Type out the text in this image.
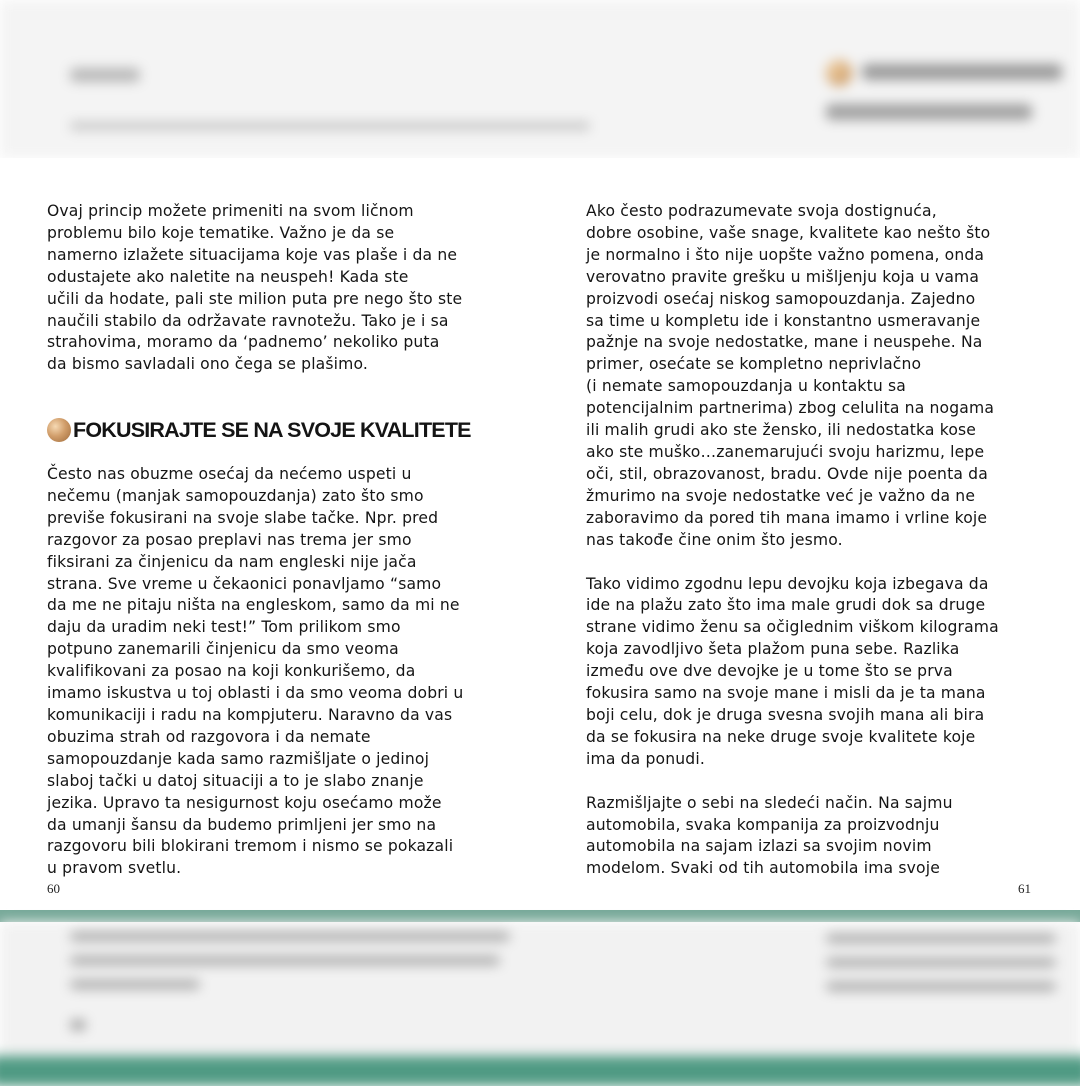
Ovaj princip možete primeniti na svom ličnom

problemu bilo koje tematike. Važno je da se

namerno izlažete situacijama koje vas plaše i da ne

odustajete ako naletite na neuspeh! Kada ste

učili da hodate, pali ste milion puta pre nego što ste

naučili stabilo da održavate ravnotežu. Tako je i sa

strahovima, moramo da ‘padnemo’ nekoliko puta

da bismo savladali ono čega se plašimo.

FOKUSIRAJTE SE NA SVOJE KVALITETE

Često nas obuzme osećaj da nećemo uspeti u

nečemu (manjak samopouzdanja) zato što smo

previše fokusirani na svoje slabe tačke. Npr. pred

razgovor za posao preplavi nas trema jer smo

fiksirani za činjenicu da nam engleski nije jača

strana. Sve vreme u čekaonici ponavljamo “samo

da me ne pitaju ništa na engleskom, samo da mi ne

daju da uradim neki test!” Tom prilikom smo

potpuno zanemarili činjenicu da smo veoma

kvalifikovani za posao na koji konkurišemo, da

imamo iskustva u toj oblasti i da smo veoma dobri u

komunikaciji i radu na kompjuteru. Naravno da vas

obuzima strah od razgovora i da nemate

samopouzdanje kada samo razmišljate o jedinoj

slaboj tački u datoj situaciji a to je slabo znanje

jezika. Upravo ta nesigurnost koju osećamo može

da umanji šansu da budemo primljeni jer smo na

razgovoru bili blokirani tremom i nismo se pokazali

u pravom svetlu.

60

Ako često podrazumevate svoja dostignuća,

dobre osobine, vaše snage, kvalitete kao nešto što

je normalno i što nije uopšte važno pomena, onda

verovatno pravite grešku u mišljenju koja u vama

proizvodi osećaj niskog samopouzdanja. Zajedno

sa time u kompletu ide i konstantno usmeravanje

pažnje na svoje nedostatke, mane i neuspehe. Na

primer, osećate se kompletno neprivlačno

(i nemate samopouzdanja u kontaktu sa

potencijalnim partnerima) zbog celulita na nogama

ili malih grudi ako ste žensko, ili nedostatka kose

ako ste muško…zanemarujući svoju harizmu, lepe

oči, stil, obrazovanost, bradu. Ovde nije poenta da

žmurimo na svoje nedostatke već je važno da ne

zaboravimo da pored tih mana imamo i vrline koje

nas takođe čine onim što jesmo.

Tako vidimo zgodnu lepu devojku koja izbegava da

ide na plažu zato što ima male grudi dok sa druge

strane vidimo ženu sa očiglednim viškom kilograma

koja zavodljivo šeta plažom puna sebe. Razlika

između ove dve devojke je u tome što se prva

fokusira samo na svoje mane i misli da je ta mana

boji celu, dok je druga svesna svojih mana ali bira

da se fokusira na neke druge svoje kvalitete koje

ima da ponudi.

Razmišljajte o sebi na sledeći način. Na sajmu

automobila, svaka kompanija za proizvodnju

automobila na sajam izlazi sa svojim novim

modelom. Svaki od tih automobila ima svoje

61
